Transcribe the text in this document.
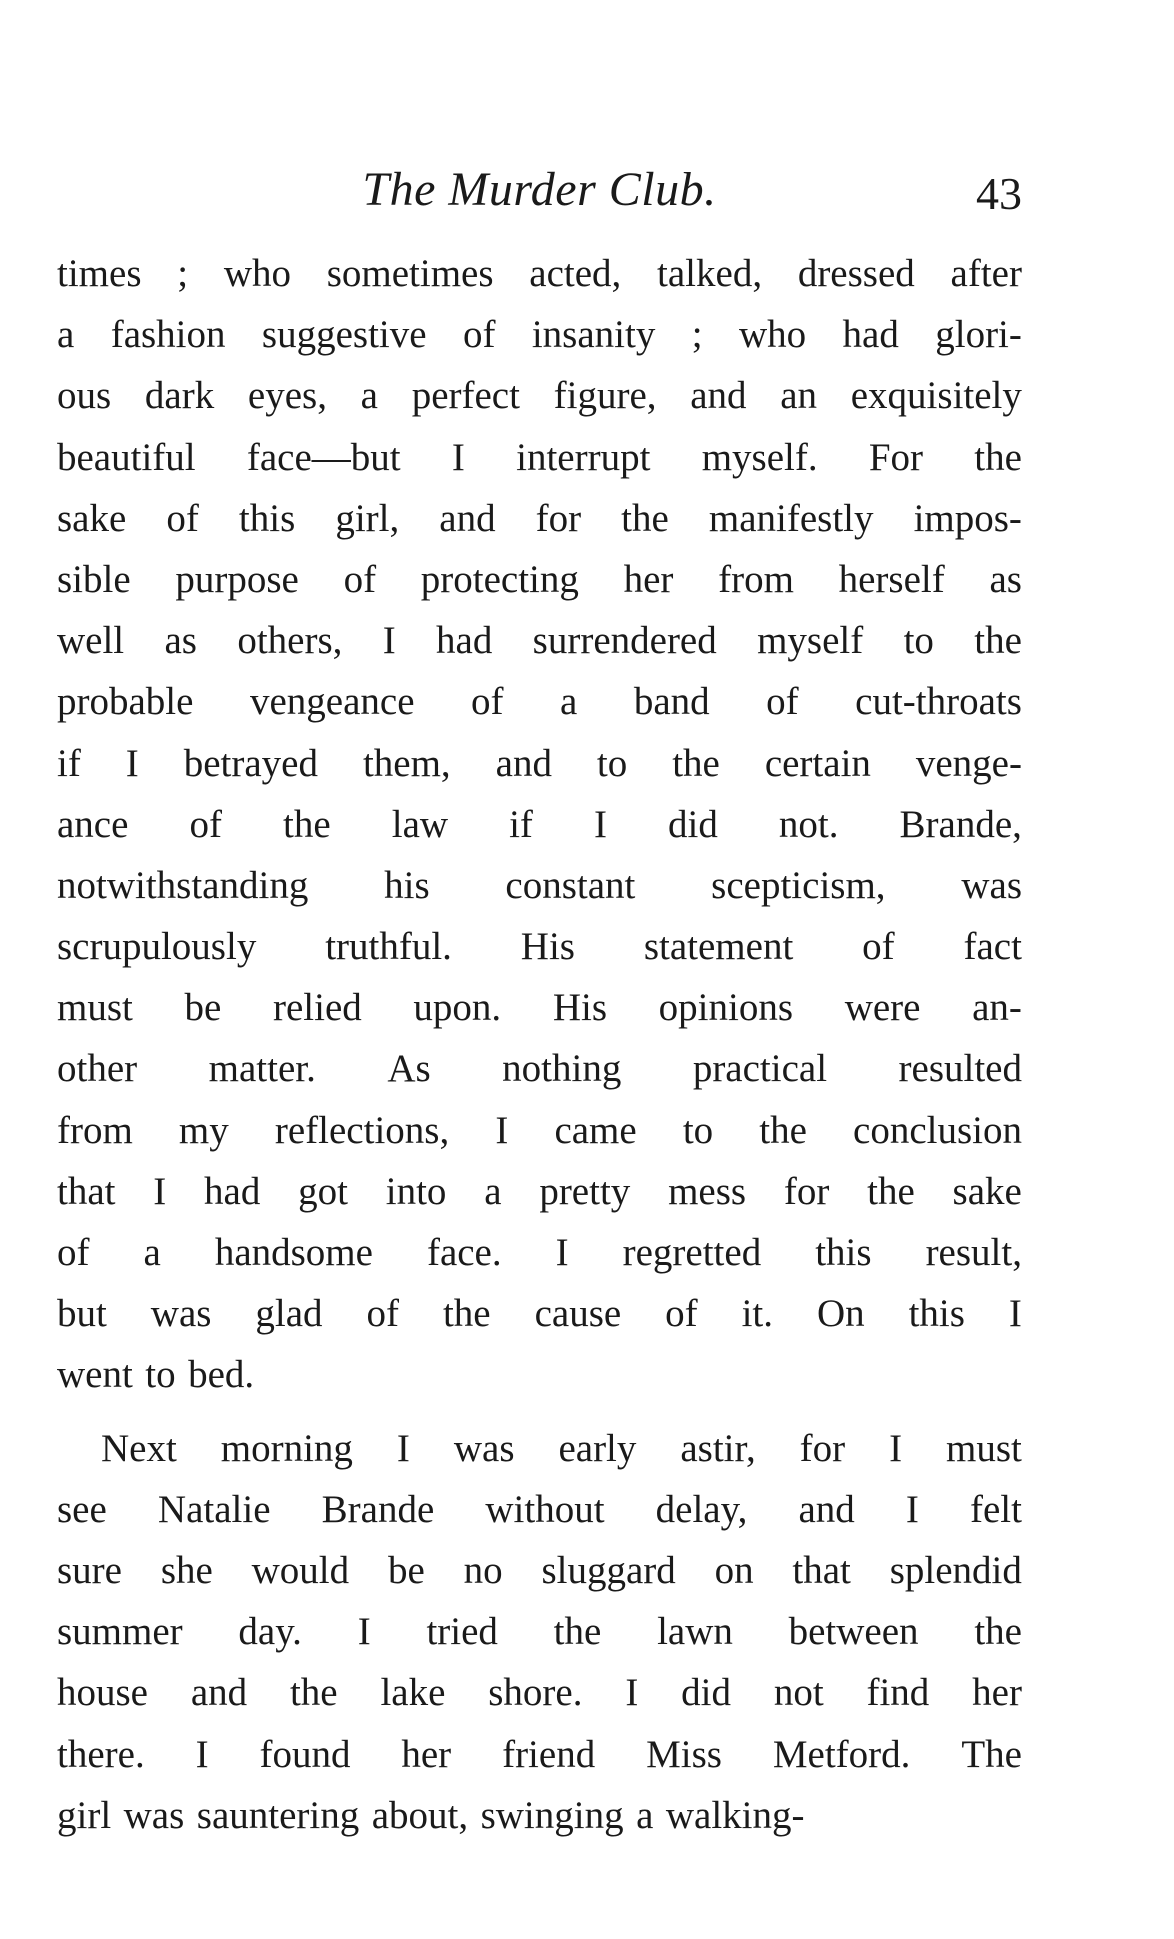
The Murder Club.	43
times ; who sometimes acted, talked, dressed after
a fashion suggestive of insanity ; who had glori-
ous dark eyes, a perfect figure, and an exquisitely
beautiful face—but I interrupt myself. For the
sake of this girl, and for the manifestly impos-
sible purpose of protecting her from herself as
well as others, I had surrendered myself to the
probable vengeance of a band of cut-throats
if I betrayed them, and to the certain venge-
ance of the law if I did not. Brande,
notwithstanding his constant scepticism, was
scrupulously truthful. His statement of fact
must be relied upon. His opinions were an-
other matter. As nothing practical resulted
from my reflections, I came to the conclusion
that I had got into a pretty mess for the sake
of a handsome face. I regretted this result,
but was glad of the cause of it. On this I
went to bed.
Next morning I was early astir, for I must
see Natalie Brande without delay, and I felt
sure she would be no sluggard on that splendid
summer day. I tried the lawn between the
house and the lake shore. I did not find her
there. I found her friend Miss Metford. The
girl was sauntering about, swinging a walking-
